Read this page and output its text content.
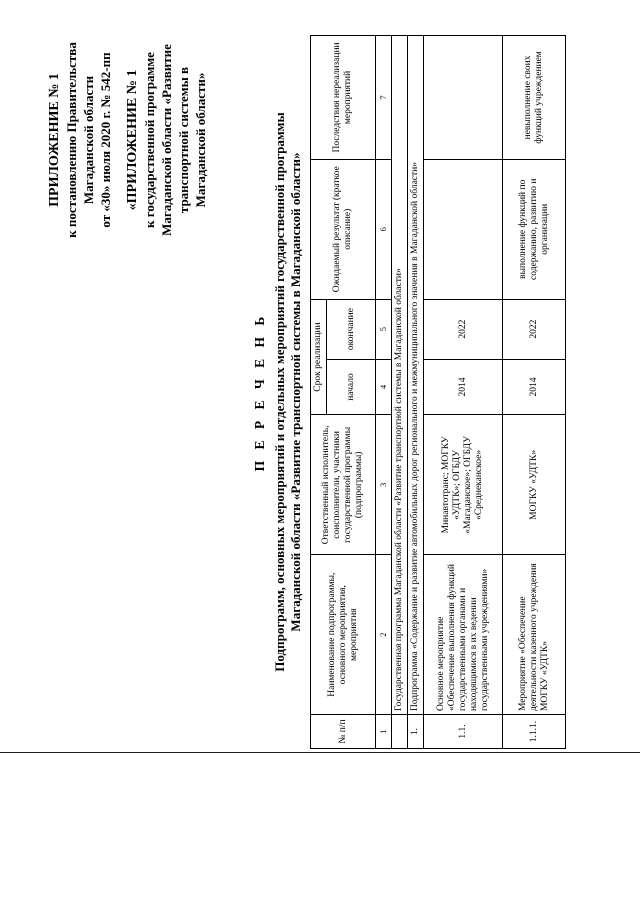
ПРИЛОЖЕНИЕ № 1 к постановлению Правительства Магаданской области от «30» июля 2020 г. № 542-пп «ПРИЛОЖЕНИЕ № 1 к государственной программе Магаданской области «Развитие транспортной системы в Магаданской области»
П Е Р Е Ч Е Н Ь Подпрограмм, основных мероприятий и отдельных мероприятий государственной программы Магаданской области «Развитие транспортной системы в Магаданской области»
№ п/п	Наименование подпрограммы, основного мероприятия, мероприятия	Ответственный исполнитель, соисполнители, участники государственной программы (подпрограммы)	Срок реализации		Ожидаемый результат (краткое описание)	Последствия нереализации мероприятий
			начало	окончание		
1	2	3	4	5	6	7
	Государственная программа Магаданской области «Развитие транспортной системы в Магаданской области»					
1.	Подпрограмма «Содержание и развитие автомобильных дорог регионального и межмуниципального значения в Магаданской области»					
1.1.	Основное мероприятие «Обеспечение выполнения функций государственными органами и находящимися в их ведении государственными учреждениями»	Минавтотранс; МОГКУ «УДТК»; ОГБДУ «Магаданское»; ОГБДУ «Среднеканское»	2014	2022		
1.1.1.	Мероприятие «Обеспечение деятельности казенного учреждения МОГКУ «УДТК»	МОГКУ «УДТК»	2014	2022	выполнение функций по содержанию, развитию и организации	невыполнение своих функций учреждением
